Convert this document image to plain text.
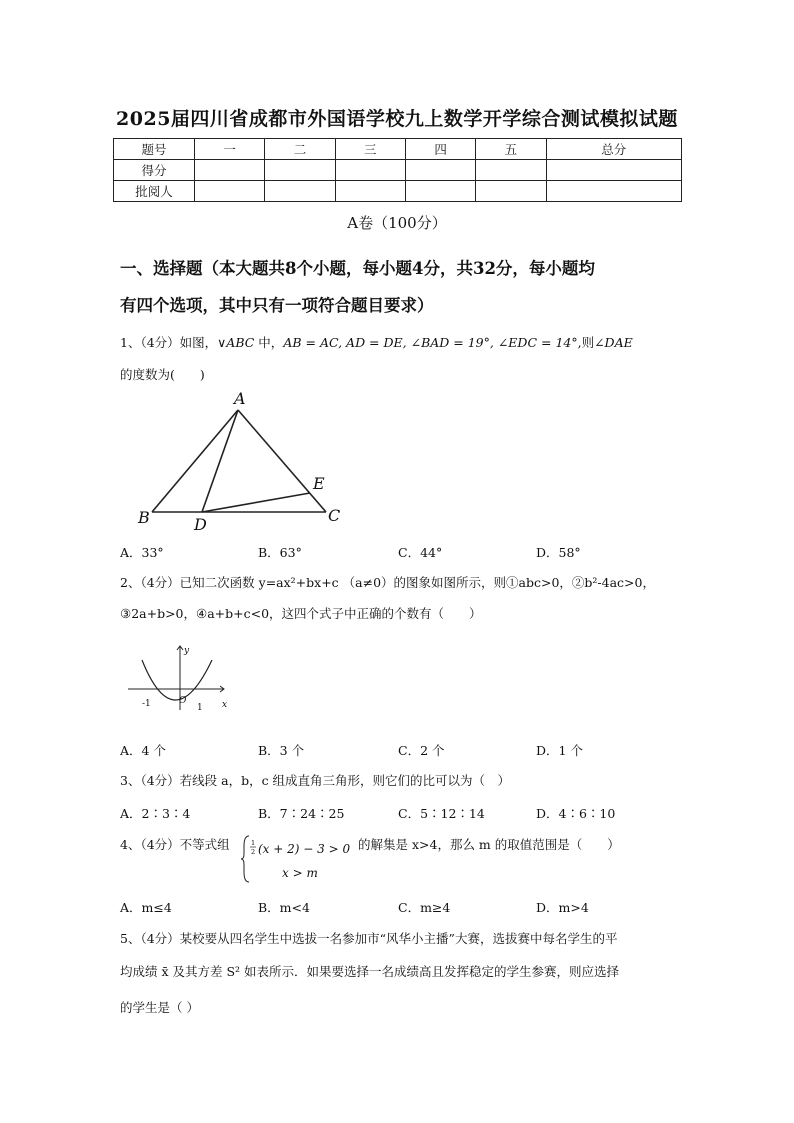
2025届四川省成都市外国语学校九上数学开学综合测试模拟试题
题号	一	二	三	四	五	总分
得分						
批阅人						
A卷（100分）
一、选择题（本大题共8个小题，每小题4分，共32分，每小题均
有四个选项，其中只有一项符合题目要求）
1、（4分）如图，∨ABC 中，AB = AC, AD = DE, ∠BAD = 19°, ∠EDC = 14°,则∠DAE
的度数为(　　)
A
B	C
D
E
A．33°	B．63°	C．44°	D．58°
2、（4分）已知二次函数 y=ax²+bx+c （a≠0）的图象如图所示，则①abc>0，②b²-4ac>0，
③2a+b>0，④a+b+c<0，这四个式子中正确的个数有（　　）
y
x
O
-1	1
A．4 个	B．3 个	C．2 个	D．1 个
3、（4分）若线段 a，b，c 组成直角三角形，则它们的比可以为（　）
A．2∶3∶4	B．7∶24∶25	C．5∶12∶14	D．4∶6∶10
4、（4分）不等式组	1
2 (x + 2) − 3 > 0
x > m
的解集是 x>4，那么 m 的取值范围是（　　）
A．m≤4	B．m<4	C．m≥4	D．m>4
5、（4分）某校要从四名学生中选拔一名参加市“风华小主播”大赛，选拔赛中每名学生的平
均成绩 x̄ 及其方差 S² 如表所示．如果要选择一名成绩高且发挥稳定的学生参赛，则应选择
的学生是（ ）
